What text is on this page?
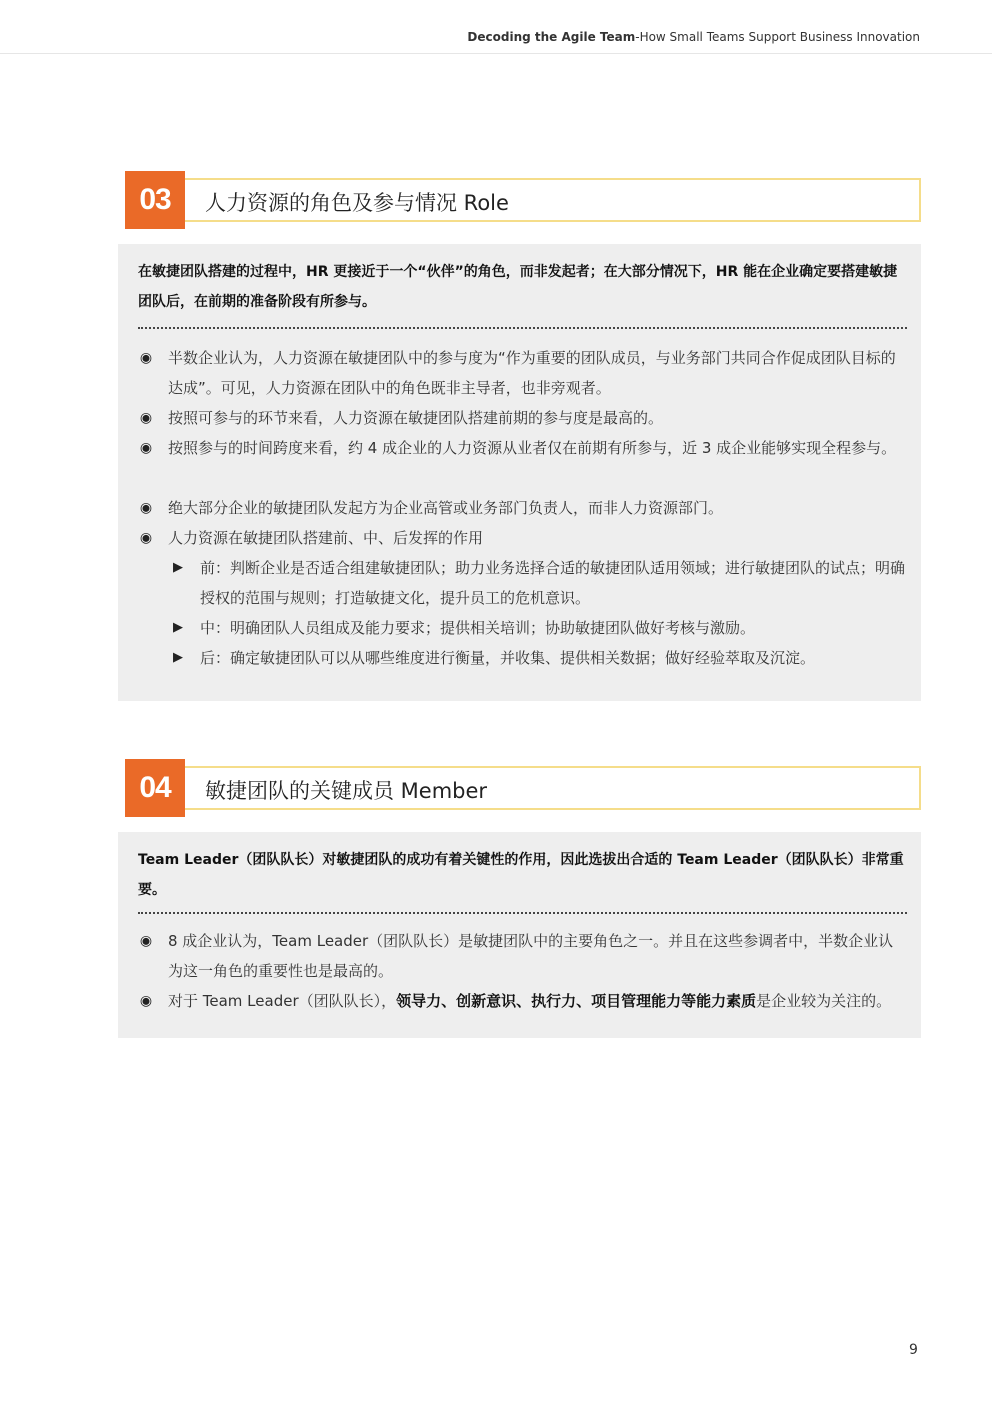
Decoding the Agile Team-How Small Teams Support Business Innovation
03	人力资源的角色及参与情况 Role
在敏捷团队搭建的过程中，HR 更接近于一个“伙伴”的角色，而非发起者；在大部分情况下，HR 能在企业确定要搭建敏捷团队后，在前期的准备阶段有所参与。
◉ 半数企业认为，人力资源在敏捷团队中的参与度为“作为重要的团队成员，与业务部门共同合作促成团队目标的达成”。可见，人力资源在团队中的角色既非主导者，也非旁观者。
◉ 按照可参与的环节来看，人力资源在敏捷团队搭建前期的参与度是最高的。
◉ 按照参与的时间跨度来看，约 4 成企业的人力资源从业者仅在前期有所参与，近 3 成企业能够实现全程参与。
◉ 绝大部分企业的敏捷团队发起方为企业高管或业务部门负责人，而非人力资源部门。
◉ 人力资源在敏捷团队搭建前、中、后发挥的作用
▶ 前：判断企业是否适合组建敏捷团队；助力业务选择合适的敏捷团队适用领域；进行敏捷团队的试点；明确授权的范围与规则；打造敏捷文化，提升员工的危机意识。
▶ 中：明确团队人员组成及能力要求；提供相关培训；协助敏捷团队做好考核与激励。
▶ 后：确定敏捷团队可以从哪些维度进行衡量，并收集、提供相关数据；做好经验萃取及沉淀。
04	敏捷团队的关键成员 Member
Team Leader（团队队长）对敏捷团队的成功有着关键性的作用，因此选拔出合适的 Team Leader（团队队长）非常重要。
◉ 8 成企业认为，Team Leader（团队队长）是敏捷团队中的主要角色之一。并且在这些参调者中，半数企业认为这一角色的重要性也是最高的。
◉ 对于 Team Leader（团队队长），领导力、创新意识、执行力、项目管理能力等能力素质是企业较为关注的。
9
